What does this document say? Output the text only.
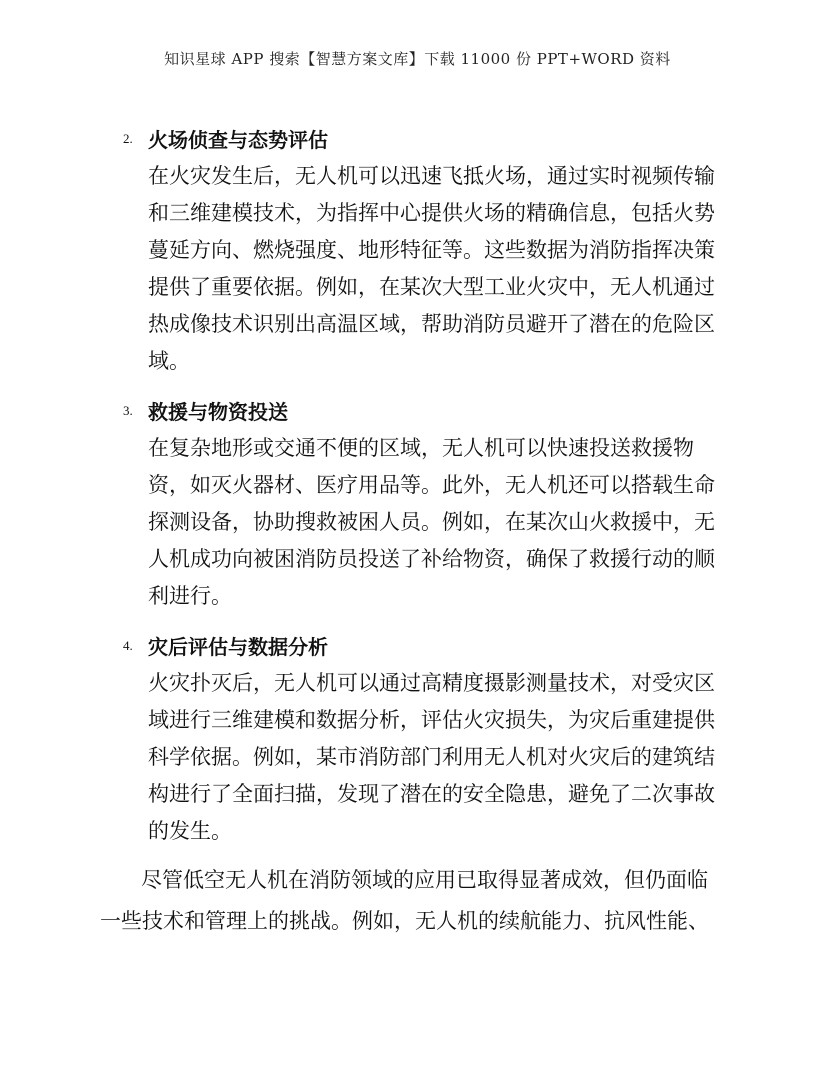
知识星球 APP 搜索【智慧方案文库】下载 11000 份 PPT+WORD 资料
2. 火场侦查与态势评估
在火灾发生后，无人机可以迅速飞抵火场，通过实时视频传输
和三维建模技术，为指挥中心提供火场的精确信息，包括火势
蔓延方向、燃烧强度、地形特征等。这些数据为消防指挥决策
提供了重要依据。例如，在某次大型工业火灾中，无人机通过
热成像技术识别出高温区域，帮助消防员避开了潜在的危险区
域。
3. 救援与物资投送
在复杂地形或交通不便的区域，无人机可以快速投送救援物
资，如灭火器材、医疗用品等。此外，无人机还可以搭载生命
探测设备，协助搜救被困人员。例如，在某次山火救援中，无
人机成功向被困消防员投送了补给物资，确保了救援行动的顺
利进行。
4. 灾后评估与数据分析
火灾扑灭后，无人机可以通过高精度摄影测量技术，对受灾区
域进行三维建模和数据分析，评估火灾损失，为灾后重建提供
科学依据。例如，某市消防部门利用无人机对火灾后的建筑结
构进行了全面扫描，发现了潜在的安全隐患，避免了二次事故
的发生。
尽管低空无人机在消防领域的应用已取得显著成效，但仍面临
一些技术和管理上的挑战。例如，无人机的续航能力、抗风性能、
